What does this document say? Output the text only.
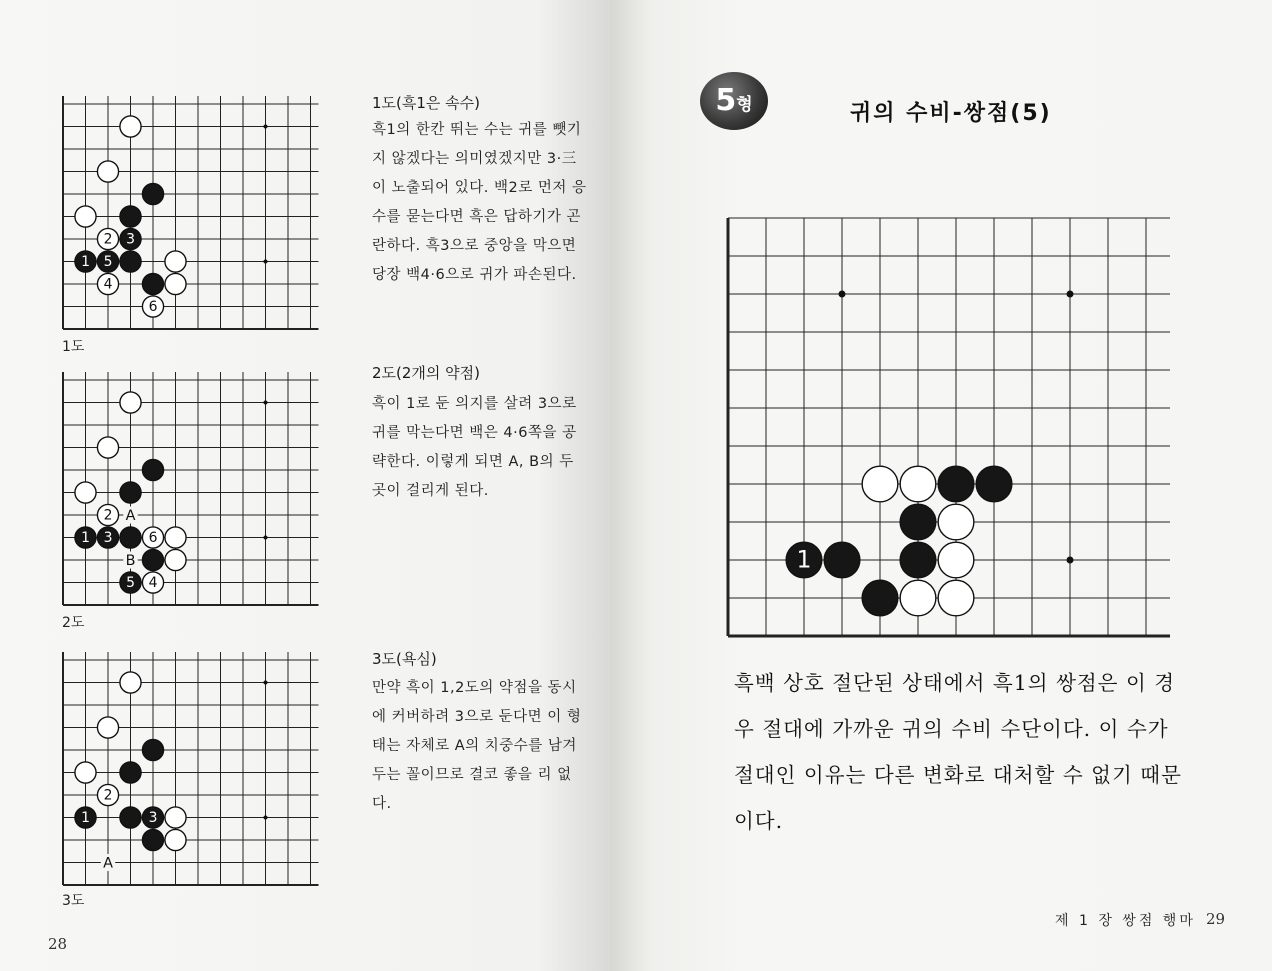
2 3
1 5
4
6
1도
1도(흑1은 속수)
흑1의 한칸 뛰는 수는 귀를 뺏기지 않겠다는 의미였겠지만 3·三이 노출되어 있다. 백2로 먼저 응수를 묻는다면 흑은 답하기가 곤란하다. 흑3으로 중앙을 막으면 당장 백4·6으로 귀가 파손된다.
2
1 3	6
5 4
A
B
2도
2도(2개의 약점)
흑이 1로 둔 의지를 살려 3으로 귀를 막는다면 백은 4·6쪽을 공략한다. 이렇게 되면 A, B의 두 곳이 걸리게 된다.
2
1	3
A
3도
3도(욕심)
만약 흑이 1,2도의 약점을 동시에 커버하려 3으로 둔다면 이 형태는 자체로 A의 치중수를 남겨두는 꼴이므로 결코 좋을 리 없다.
28
5형	귀의 수비-쌍점(5)
1
흑백 상호 절단된 상태에서 흑1의 쌍점은 이 경우 절대에 가까운 귀의 수비 수단이다. 이 수가 절대인 이유는 다른 변화로 대처할 수 없기 때문이다.
제 1 장 쌍점 행마 29
